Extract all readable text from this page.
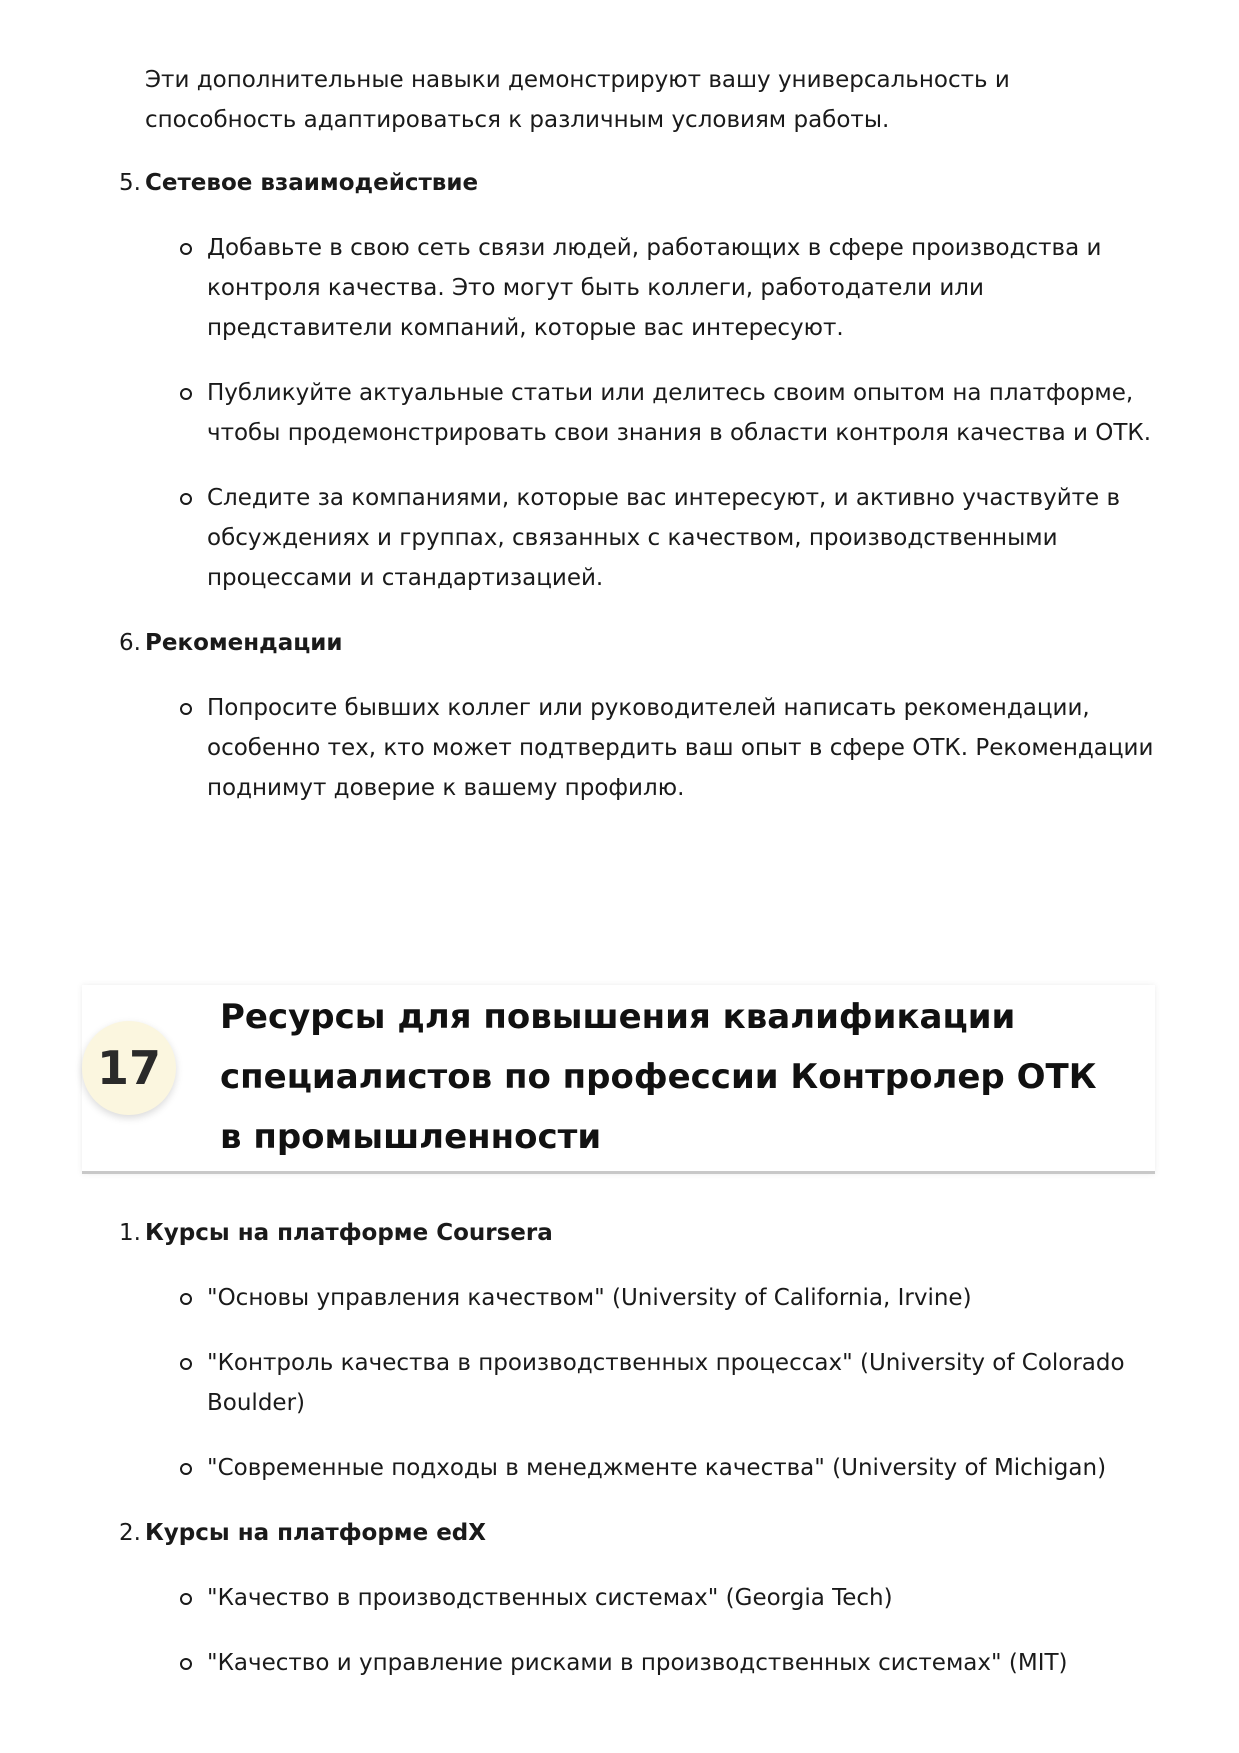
Эти дополнительные навыки демонстрируют вашу универсальность и способность адаптироваться к различным условиям работы.

5. Сетевое взаимодействие
Добавьте в свою сеть связи людей, работающих в сфере производства и контроля качества. Это могут быть коллеги, работодатели или представители компаний, которые вас интересуют.
Публикуйте актуальные статьи или делитесь своим опытом на платформе, чтобы продемонстрировать свои знания в области контроля качества и ОТК.
Следите за компаниями, которые вас интересуют, и активно участвуйте в обсуждениях и группах, связанных с качеством, производственными процессами и стандартизацией.
6. Рекомендации
Попросите бывших коллег или руководителей написать рекомендации, особенно тех, кто может подтвердить ваш опыт в сфере ОТК. Рекомендации поднимут доверие к вашему профилю.
17
Ресурсы для повышения квалификации специалистов по профессии Контролер ОТК в промышленности
1. Курсы на платформе Coursera
"Основы управления качеством" (University of California, Irvine)
"Контроль качества в производственных процессах" (University of Colorado Boulder)
"Современные подходы в менеджменте качества" (University of Michigan)
2. Курсы на платформе edX
"Качество в производственных системах" (Georgia Tech)
"Качество и управление рисками в производственных системах" (MIT)
